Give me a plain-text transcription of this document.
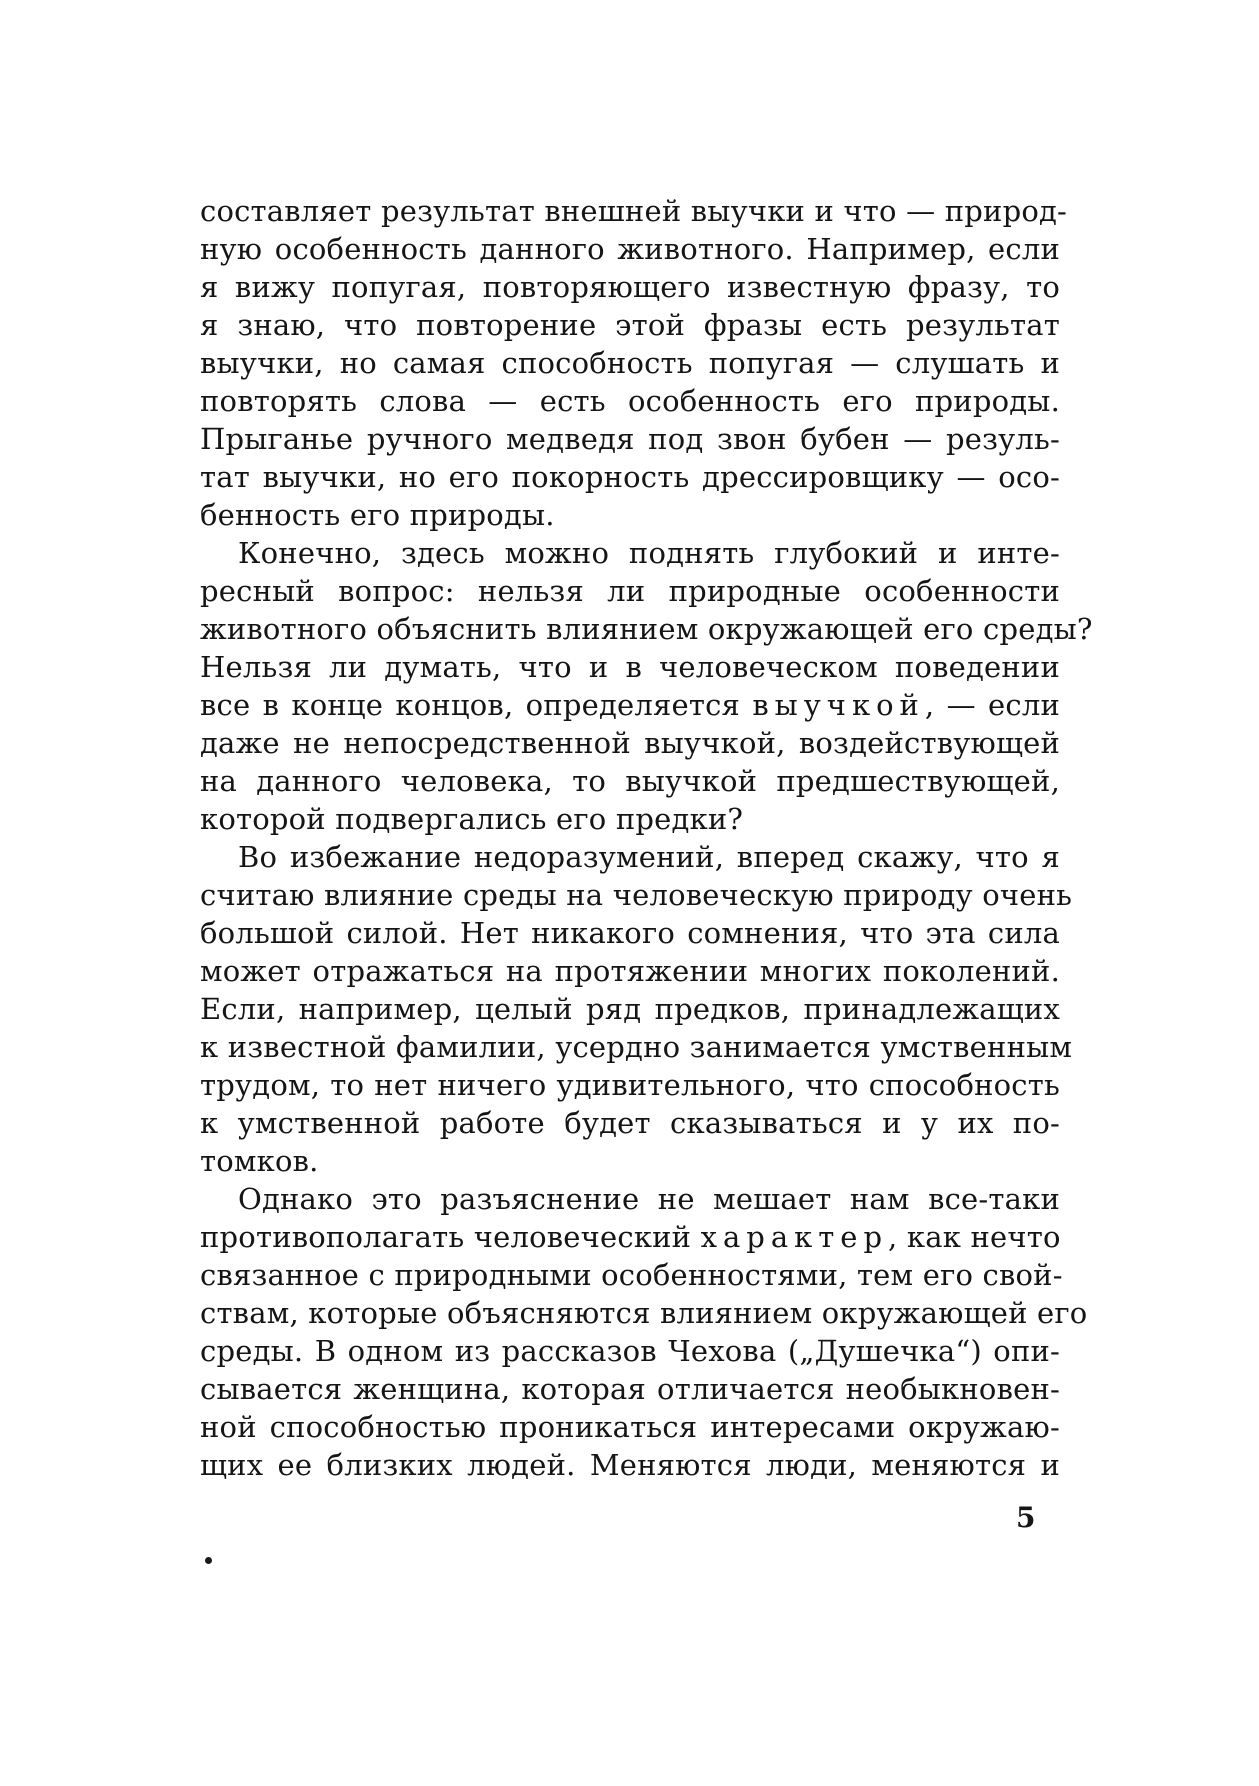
составляет результат внешней выучки и что — природ-
ную особенность данного животного. Например, если
я вижу попугая, повторяющего известную фразу, то
я знаю, что повторение этой фразы есть результат
выучки, но самая способность попугая — слушать и
повторять слова — есть особенность его природы.
Прыганье ручного медведя под звон бубен — резуль-
тат выучки, но его покорность дрессировщику — осо-
бенность его природы.
Конечно, здесь можно поднять глубокий и инте-
ресный вопрос: нельзя ли природные особенности
животного объяснить влиянием окружающей его среды?
Нельзя ли думать, что и в человеческом поведении
все в конце концов, определяется выучкой, — если
даже не непосредственной выучкой, воздействующей
на данного человека, то выучкой предшествующей,
которой подвергались его предки?
Во избежание недоразумений, вперед скажу, что я
считаю влияние среды на человеческую природу очень
большой силой. Нет никакого сомнения, что эта сила
может отражаться на протяжении многих поколений.
Если, например, целый ряд предков, принадлежащих
к известной фамилии, усердно занимается умственным
трудом, то нет ничего удивительного, что способность
к умственной работе будет сказываться и у их по-
томков.
Однако это разъяснение не мешает нам все-таки
противополагать человеческий характер, как нечто
связанное с природными особенностями, тем его свой-
ствам, которые объясняются влиянием окружающей его
среды. В одном из рассказов Чехова („Душечка“) опи-
сывается женщина, которая отличается необыкновен-
ной способностью проникаться интересами окружаю-
щих ее близких людей. Меняются люди, меняются и
5
